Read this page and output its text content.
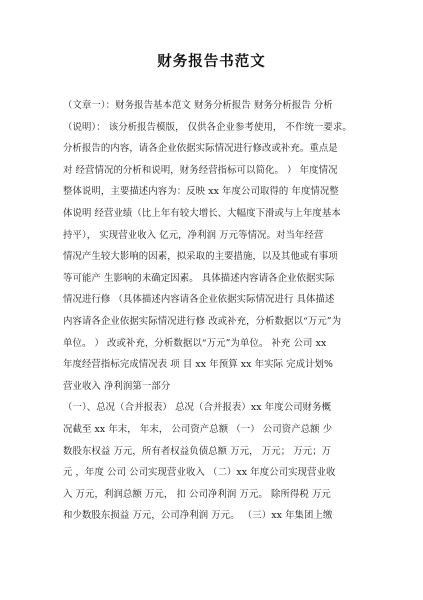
财务报告书范文
（文章一）：财务报告基本范文 财务分析报告 财务分析报告 分析
（说明）： 该分析报告模版， 仅供各企业参考使用， 不作统一要求。
分析报告的内容，请各企业依据实际情况进行修改或补充。重点是
对 经营情况的分析和说明，财务经营指标可以简化。 ） 年度情况
整体说明，主要描述内容为：反映 xx 年度公司取得的 年度情况整
体说明 经营业绩（比上年有较大增长、大幅度下滑或与上年度基本
持平）， 实现营业收入 亿元，净利润 万元等情况。对当年经营
情况产生较大影响的因素，拟采取的主要措施，以及其他或有事项
等可能产 生影响的未确定因素。 具体描述内容请各企业依据实际
情况进行修 （具体描述内容请各企业依据实际情况进行 具体描述
内容请各企业依据实际情况进行修 改或补充，分析数据以“万元”为
单位。 ） 改或补充，分析数据以“万元”为单位。 补充 公司 xx
年度经营指标完成情况表 项 目 xx 年预算 xx 年实际 完成计划%
营业收入 净利润第一部分
（一）、总况（合并报表） 总况（合并报表）xx 年度公司财务概
况截至 xx 年末， 年末， 公司资产总额 （一） 公司资产总额 少
数股东权益 万元，所有者权益负债总额 万元， 万元； 万元；万
元 ，年度 公司 公司实现营业收入 （二）xx 年度公司实现营业收
入 万元，利润总额 万元， 扣 公司净利润 万元。 除所得税 万元
和少数股东损益 万元，公司净利润 万元。 （三）xx 年集团上缴
